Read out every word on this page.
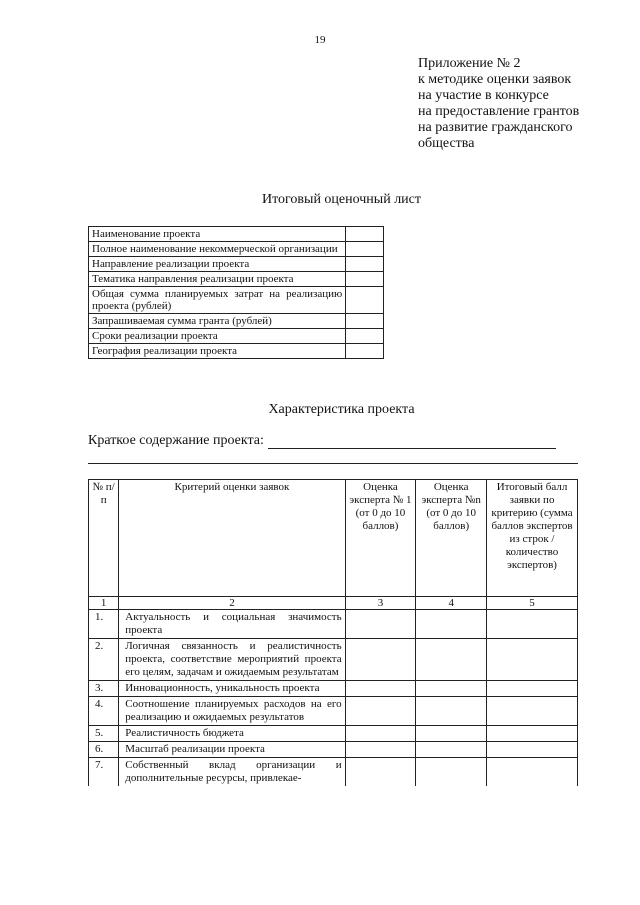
19
Приложение № 2
к методике оценки заявок
на участие в конкурсе
на предоставление грантов
на развитие гражданского
общества
Итоговый оценочный лист
Наименование проекта	
Полное наименование некоммерческой организации	
Направление реализации проекта	
Тематика направления реализации проекта	
Общая сумма планируемых затрат на реализацию проекта (рублей)	
Запрашиваемая сумма гранта (рублей)	
Сроки реализации проекта	
География реализации проекта	
Характеристика проекта
Краткое содержание проекта:
№ п/п	Критерий оценки заявок	Оценка эксперта № 1 (от 0 до 10 баллов)	Оценка эксперта №n (от 0 до 10 баллов)	Итоговый балл заявки по критерию (сумма баллов экспертов из строк / количество экспертов)
1	2	3	4	5
1.	Актуальность и социальная значимость проекта			
2.	Логичная связанность и реалистичность проекта, соответствие мероприятий проекта его целям, задачам и ожидаемым результатам			
3.	Инновационность, уникальность проекта			
4.	Соотношение планируемых расходов на его реализацию и ожидаемых результатов			
5.	Реалистичность бюджета			
6.	Масштаб реализации проекта			
7.	Собственный вклад организации и дополнительные ресурсы, привлекае-			
